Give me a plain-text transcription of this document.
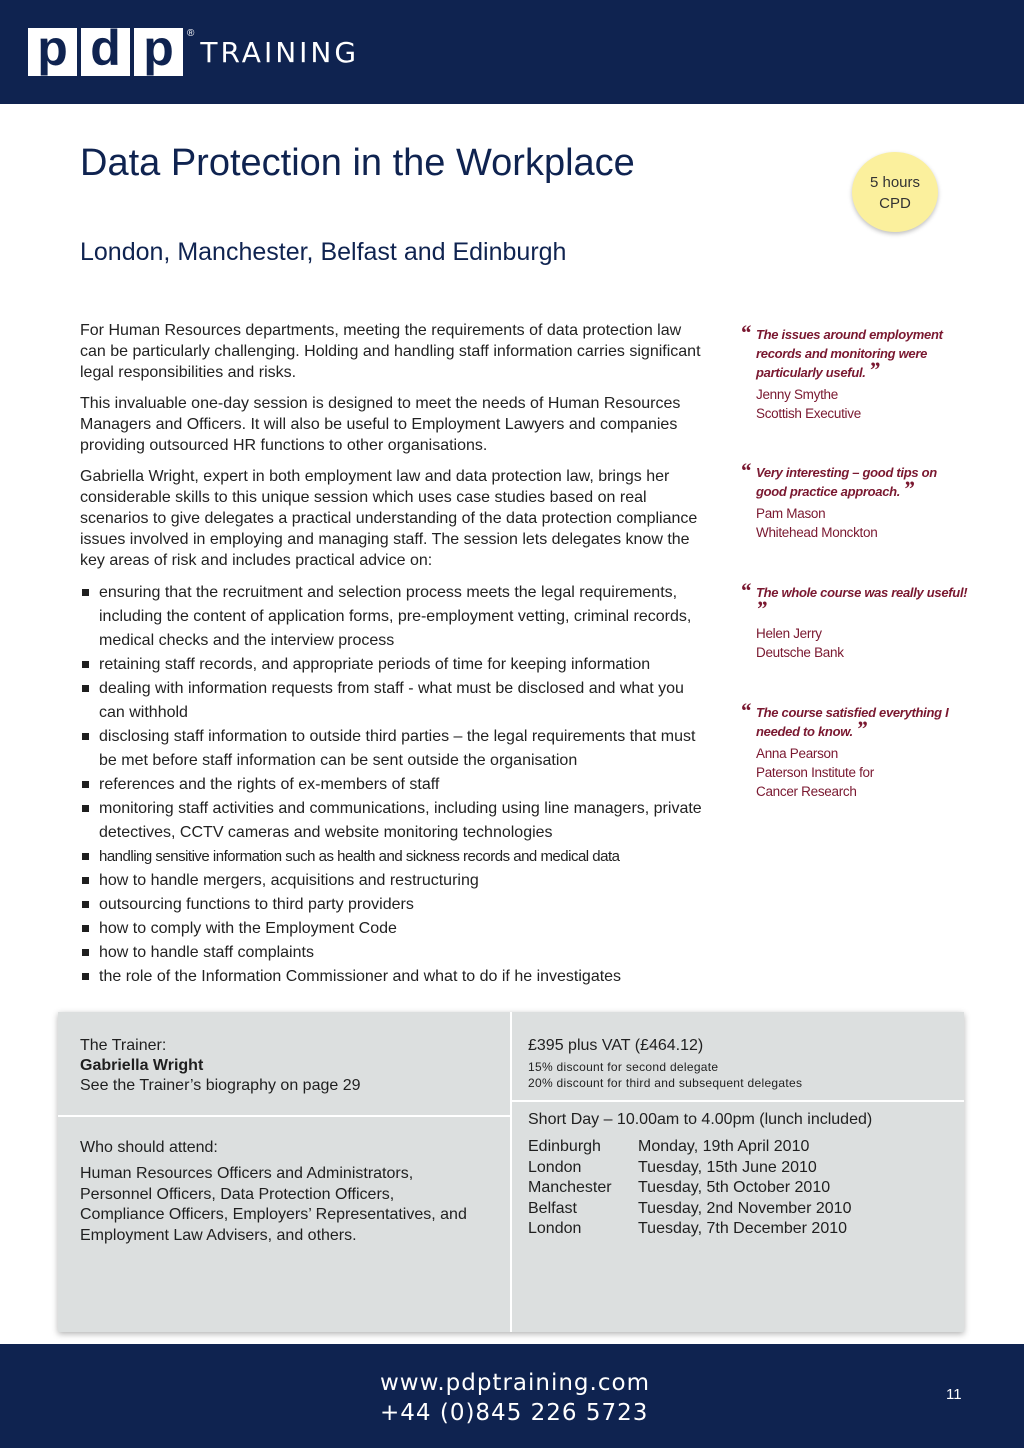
p d p	®
TRAINING
Data Protection in the Workplace
London, Manchester, Belfast and Edinburgh
5 hours
CPD

For Human Resources departments, meeting the requirements of data protection law can be particularly challenging. Holding and handling staff information carries significant legal responsibilities and risks.

This invaluable one-day session is designed to meet the needs of Human Resources Managers and Officers. It will also be useful to Employment Lawyers and companies providing outsourced HR functions to other organisations.

Gabriella Wright, expert in both employment law and data protection law, brings her considerable skills to this unique session which uses case studies based on real scenarios to give delegates a practical understanding of the data protection compliance issues involved in employing and managing staff. The session lets delegates know the key areas of risk and includes practical advice on:

ensuring that the recruitment and selection process meets the legal requirements, including the content of application forms, pre-employment vetting, criminal records, medical checks and the interview process
retaining staff records, and appropriate periods of time for keeping information
dealing with information requests from staff - what must be disclosed and what you can withhold
disclosing staff information to outside third parties – the legal requirements that must be met before staff information can be sent outside the organisation
references and the rights of ex-members of staff
monitoring staff activities and communications, including using line managers, private detectives, CCTV cameras and website monitoring technologies
handling sensitive information such as health and sickness records and medical data
how to handle mergers, acquisitions and restructuring
outsourcing functions to third party providers
how to comply with the Employment Code
how to handle staff complaints
the role of the Information Commissioner and what to do if he investigates
“ The issues around employment records and monitoring were particularly useful. ”
Jenny Smythe
Scottish Executive
“ Very interesting – good tips on good practice approach. ”
Pam Mason
Whitehead Monckton
“ The whole course was really useful! ”
Helen Jerry
Deutsche Bank
“ The course satisfied everything I needed to know. ”
Anna Pearson
Paterson Institute for Cancer Research
The Trainer:
Gabriella Wright
See the Trainer’s biography on page 29
Who should attend:
Human Resources Officers and Administrators, Personnel Officers, Data Protection Officers, Compliance Officers, Employers’ Representatives, and Employment Law Advisers, and others.
£395 plus VAT (£464.12)
15% discount for second delegate
20% discount for third and subsequent delegates
Short Day – 10.00am to 4.00pm (lunch included)
Edinburgh	Monday, 19th April 2010
London	Tuesday, 15th June 2010
Manchester	Tuesday, 5th October 2010
Belfast	Tuesday, 2nd November 2010
London	Tuesday, 7th December 2010
www.pdptraining.com
+44 (0)845 226 5723
11
